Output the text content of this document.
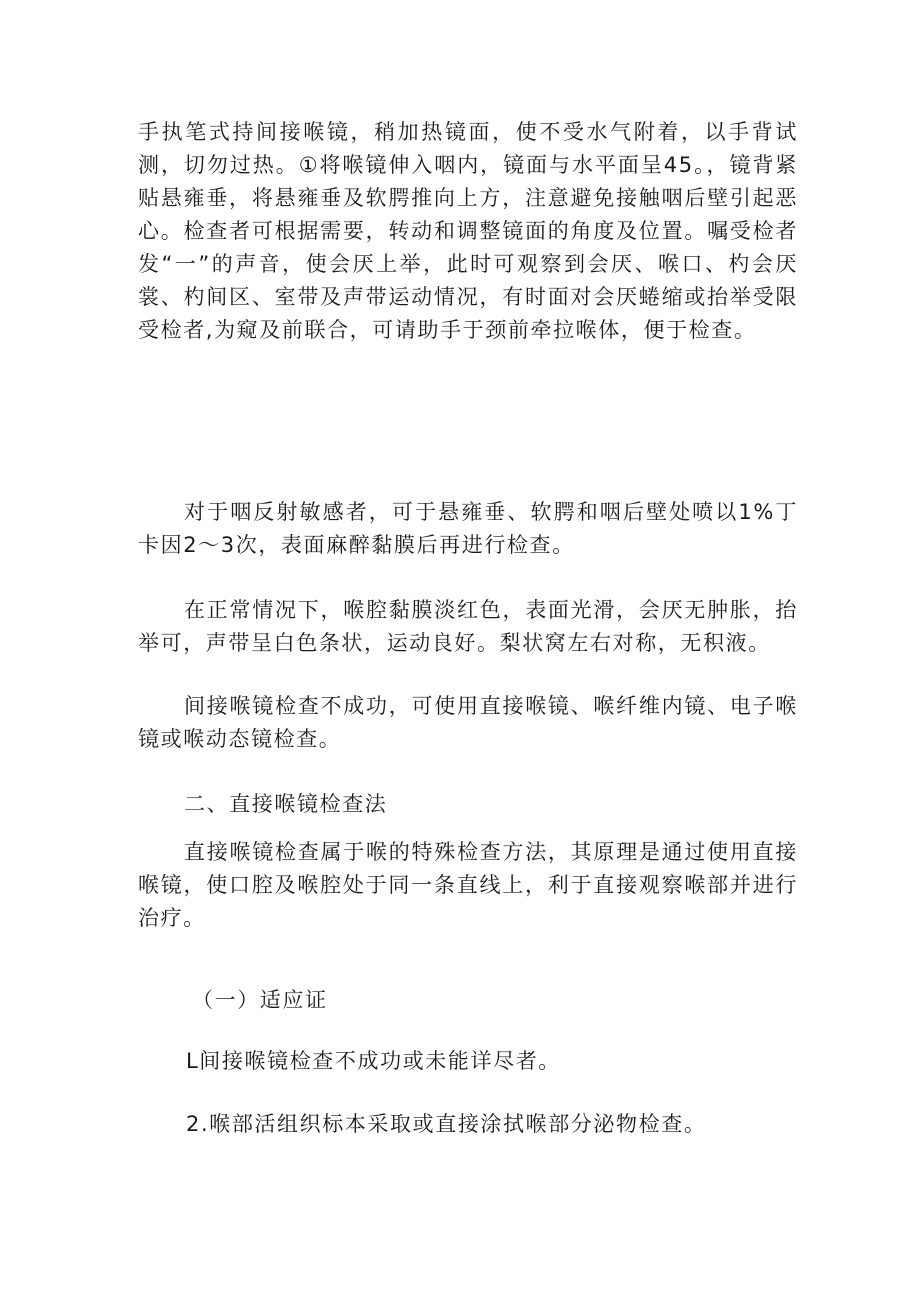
手执笔式持间接喉镜，稍加热镜面，使不受水气附着，以手背试测，切勿过热。①将喉镜伸入咽内，镜面与水平面呈45。，镜背紧贴悬雍垂，将悬雍垂及软腭推向上方，注意避免接触咽后壁引起恶心。检查者可根据需要，转动和调整镜面的角度及位置。嘱受检者发“一”的声音，使会厌上举，此时可观察到会厌、喉口、杓会厌裳、杓间区、室带及声带运动情况，有时面对会厌蜷缩或抬举受限受检者,为窥及前联合，可请助手于颈前牵拉喉体，便于检查。

对于咽反射敏感者，可于悬雍垂、软腭和咽后壁处喷以1%丁卡因2〜3次，表面麻醉黏膜后再进行检查。

在正常情况下，喉腔黏膜淡红色，表面光滑，会厌无肿胀，抬举可，声带呈白色条状，运动良好。梨状窝左右对称，无积液。

间接喉镜检查不成功，可使用直接喉镜、喉纤维内镜、电子喉镜或喉动态镜检查。

二、直接喉镜检查法

直接喉镜检查属于喉的特殊检查方法，其原理是通过使用直接喉镜，使口腔及喉腔处于同一条直线上，利于直接观察喉部并进行治疗。

（一）适应证

L间接喉镜检查不成功或未能详尽者。

2.喉部活组织标本采取或直接涂拭喉部分泌物检查。
